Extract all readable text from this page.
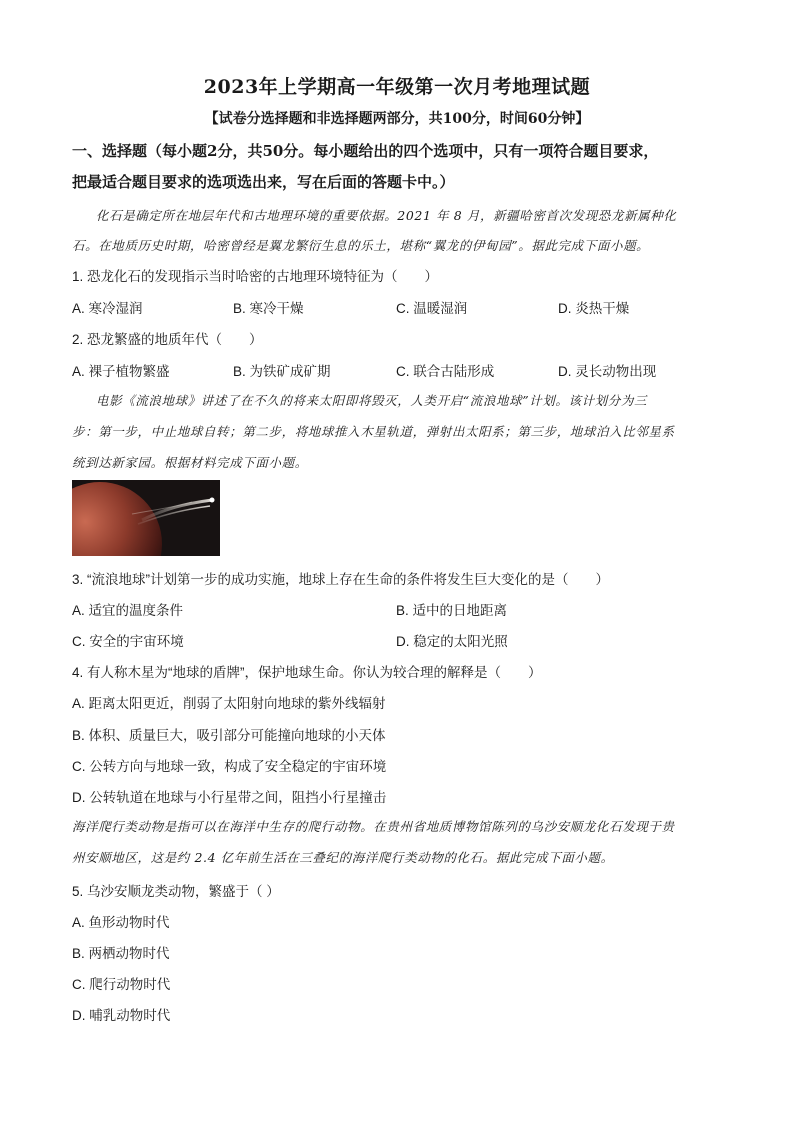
2023年上学期高一年级第一次月考地理试题
【试卷分选择题和非选择题两部分，共100分，时间60分钟】
一、选择题（每小题2分，共50分。每小题给出的四个选项中，只有一项符合题目要求，
把最适合题目要求的选项选出来，写在后面的答题卡中。）
化石是确定所在地层年代和古地理环境的重要依据。2021 年 8 月，新疆哈密首次发现恐龙新属种化
石。在地质历史时期，哈密曾经是翼龙繁衍生息的乐土，堪称“翼龙的伊甸园”。据此完成下面小题。
1. 恐龙化石的发现指示当时哈密的古地理环境特征为（　　）
A. 寒冷湿润	B. 寒冷干燥	C. 温暖湿润	D. 炎热干燥
2. 恐龙繁盛的地质年代（　　）
A. 裸子植物繁盛	B. 为铁矿成矿期	C. 联合古陆形成	D. 灵长动物出现
电影《流浪地球》讲述了在不久的将来太阳即将毁灭，人类开启“流浪地球”计划。该计划分为三
步：第一步，中止地球自转；第二步，将地球推入木星轨道，弹射出太阳系；第三步，地球泊入比邻星系
统到达新家园。根据材料完成下面小题。
3. “流浪地球”计划第一步的成功实施，地球上存在生命的条件将发生巨大变化的是（　　）
A. 适宜的温度条件	B. 适中的日地距离
C. 安全的宇宙环境	D. 稳定的太阳光照
4. 有人称木星为“地球的盾牌”，保护地球生命。你认为较合理的解释是（　　）
A. 距离太阳更近，削弱了太阳射向地球的紫外线辐射
B. 体积、质量巨大，吸引部分可能撞向地球的小天体
C. 公转方向与地球一致，构成了安全稳定的宇宙环境
D. 公转轨道在地球与小行星带之间，阻挡小行星撞击
海洋爬行类动物是指可以在海洋中生存的爬行动物。在贵州省地质博物馆陈列的乌沙安顺龙化石发现于贵
州安顺地区，这是约 2.4 亿年前生活在三叠纪的海洋爬行类动物的化石。据此完成下面小题。
5. 乌沙安顺龙类动物，繁盛于（ ）
A. 鱼形动物时代
B. 两栖动物时代
C. 爬行动物时代
D. 哺乳动物时代
